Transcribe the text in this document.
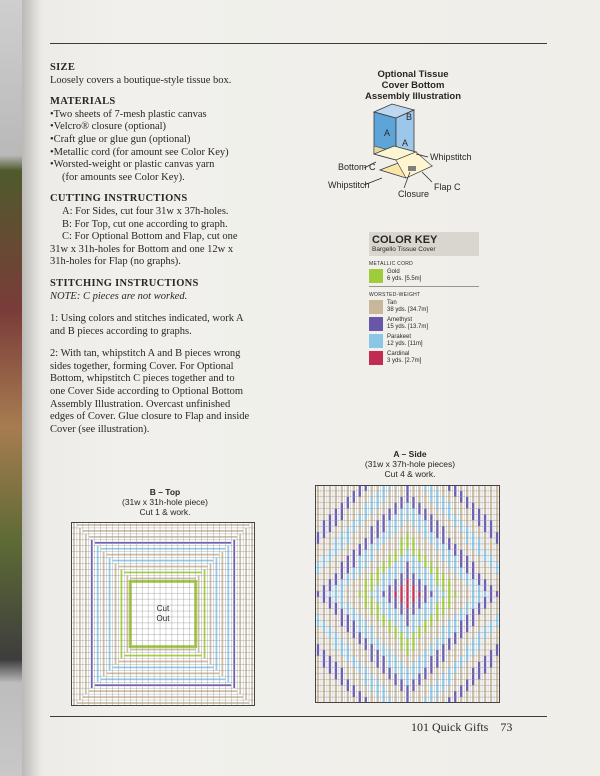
SIZE

Loosely covers a boutique-style tissue box.

MATERIALS

•Two sheets of 7-mesh plastic canvas

•Velcro® closure (optional)

•Craft glue or glue gun (optional)

•Metallic cord (for amount see Color Key)

•Worsted-weight or plastic canvas yarn

(for amounts see Color Key).

CUTTING INSTRUCTIONS

A: For Sides, cut four 31w x 37h-holes.

B: For Top, cut one according to graph.

C: For Optional Bottom and Flap, cut one

31w x 31h-holes for Bottom and one 12w x

31h-holes for Flap (no graphs).

STITCHING INSTRUCTIONS

NOTE: C pieces are not worked.

1: Using colors and stitches indicated, work A

and B pieces according to graphs.

2: With tan, whipstitch A and B pieces wrong

sides together, forming Cover. For Optional

Bottom, whipstitch C pieces together and to

one Cover Side according to Optional Bottom

Assembly Illustration. Overcast unfinished

edges of Cover. Glue closure to Flap and inside

Cover (see illustration).

Optional Tissue
Cover Bottom
Assembly Illustration
A
A
B
Whipstitch
Bottom C
Whipstitch	Flap C
Closure
COLOR KEY
Bargello Tissue Cover
METALLIC CORD
Gold
6 yds. [5.5m]
WORSTED-WEIGHT
Tan
38 yds. [34.7m]
Amethyst
15 yds. [13.7m]
Parakeet
12 yds. [11m]
Cardinal
3 yds. [2.7m]
A – Side
(31w x 37h-hole pieces)
Cut 4 & work.
B – Top
(31w x 31h-hole piece)
Cut 1 & work.
Cut
Out
101 Quick Gifts 73
